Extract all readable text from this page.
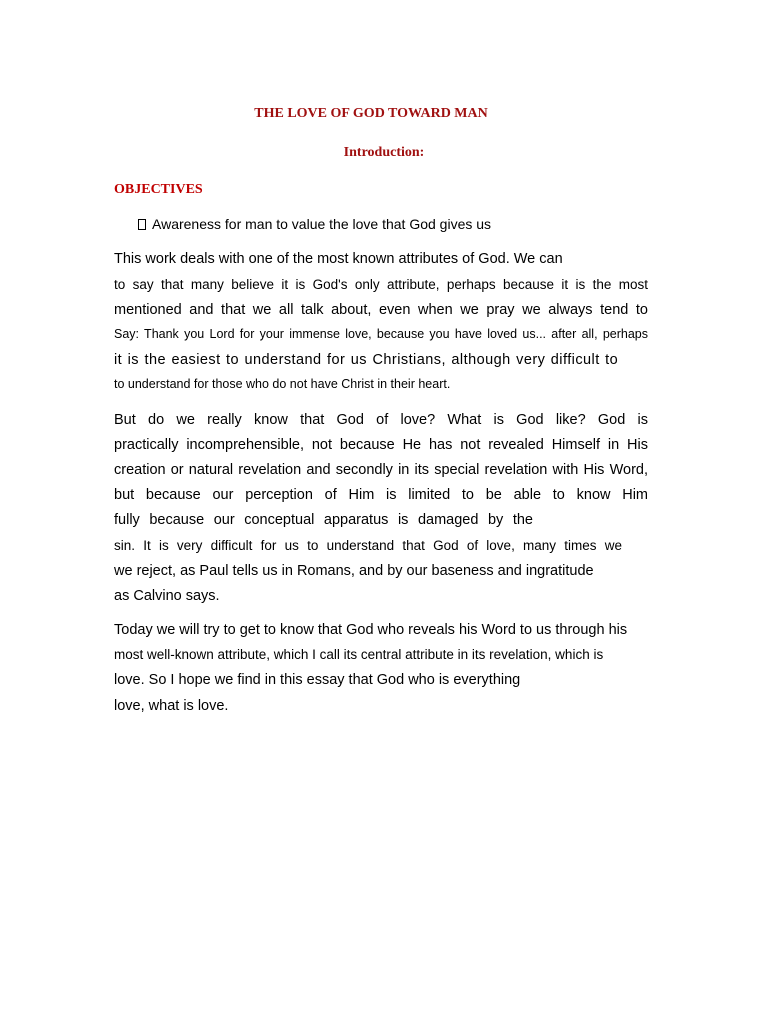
THE LOVE OF GOD TOWARD MAN
Introduction:
OBJECTIVES
Awareness for man to value the love that God gives us

This work deals with one of the most known attributes of God. We can

to say that many believe it is God's only attribute, perhaps because it is the most

mentioned and that we all talk about, even when we pray we always tend to

Say: Thank you Lord for your immense love, because you have loved us... after all, perhaps

it is the easiest to understand for us Christians, although very difficult to

to understand for those who do not have Christ in their heart.

But do we really know that God of love? What is God like? God is

practically incomprehensible, not because He has not revealed Himself in His

creation or natural revelation and secondly in its special revelation with His Word,

but because our perception of Him is limited to be able to know Him

fully because our conceptual apparatus is damaged by the

sin. It is very difficult for us to understand that God of love, many times we

we reject, as Paul tells us in Romans, and by our baseness and ingratitude

as Calvino says.

Today we will try to get to know that God who reveals his Word to us through his

most well-known attribute, which I call its central attribute in its revelation, which is

love. So I hope we find in this essay that God who is everything

love, what is love.
